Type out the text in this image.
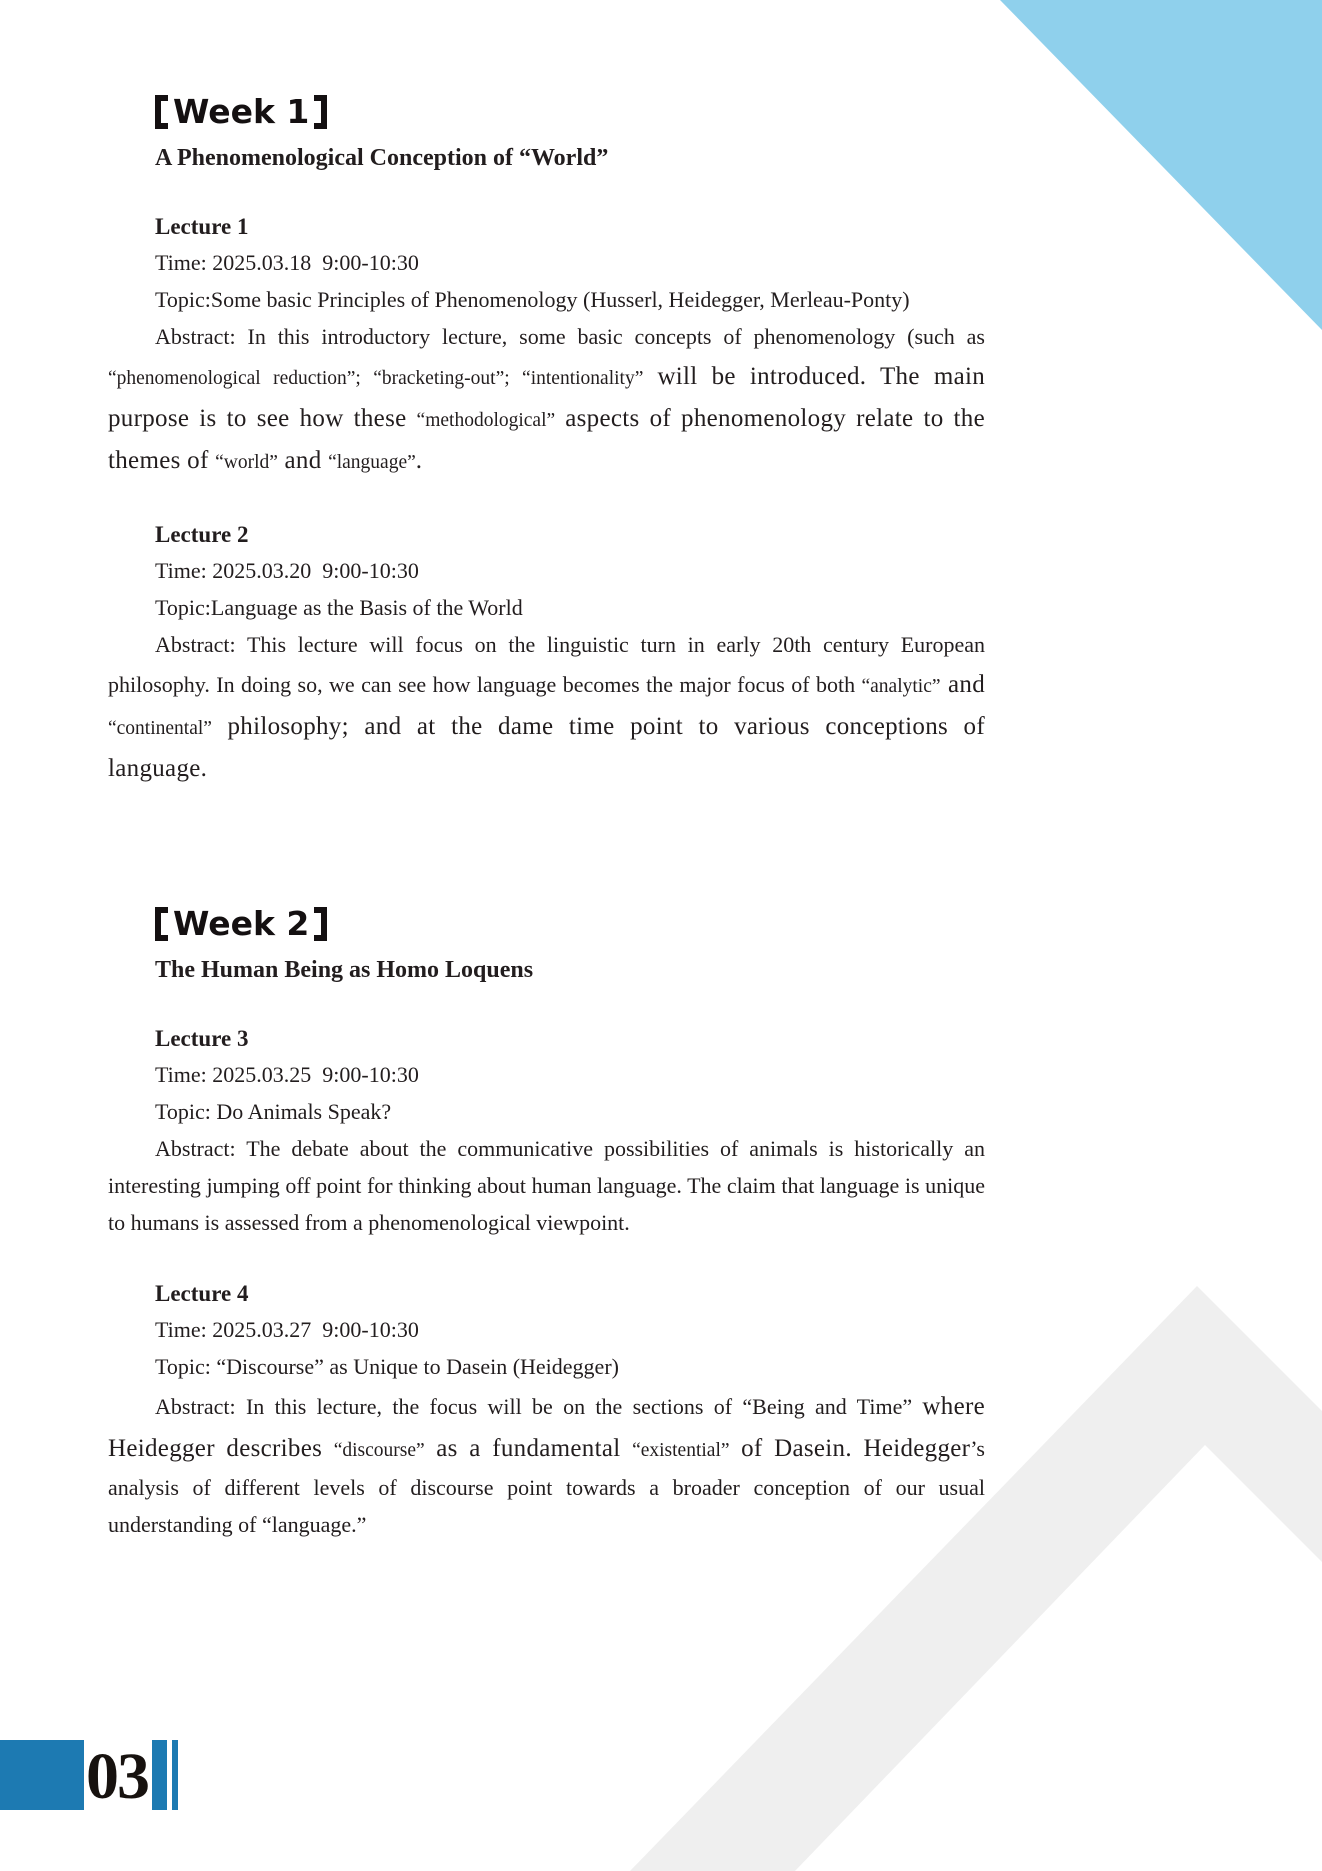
Week 1
A Phenomenological Conception of “World”
Lecture 1

Time: 2025.03.18  9:00-10:30

Topic:Some basic Principles of Phenomenology (Husserl, Heidegger, Merleau-Ponty)

Abstract: In this introductory lecture, some basic concepts of phenomenology (such as “phenomenological reduction”; “bracketing-out”; “intentionality” will be introduced. The main purpose is to see how these “methodological” aspects of phenomenology relate to the themes of “world” and “language”.

Lecture 2

Time: 2025.03.20  9:00-10:30

Topic:Language as the Basis of the World

Abstract: This lecture will focus on the linguistic turn in early 20th century European philosophy. In doing so, we can see how language becomes the major focus of both “analytic” and “continental” philosophy; and at the dame time point to various conceptions of language.

Week 2
The Human Being as Homo Loquens
Lecture 3

Time: 2025.03.25  9:00-10:30

Topic: Do Animals Speak?

Abstract: The debate about the communicative possibilities of animals is historically an interesting jumping off point for thinking about human language. The claim that language is unique to humans is assessed from a phenomenological viewpoint.

Lecture 4

Time: 2025.03.27  9:00-10:30

Topic: “Discourse” as Unique to Dasein (Heidegger)

Abstract: In this lecture, the focus will be on the sections of “Being and Time” where Heidegger describes “discourse” as a fundamental “existential” of Dasein. Heidegger’s analysis of different levels of discourse point towards a broader conception of our usual understanding of “language.”

03
